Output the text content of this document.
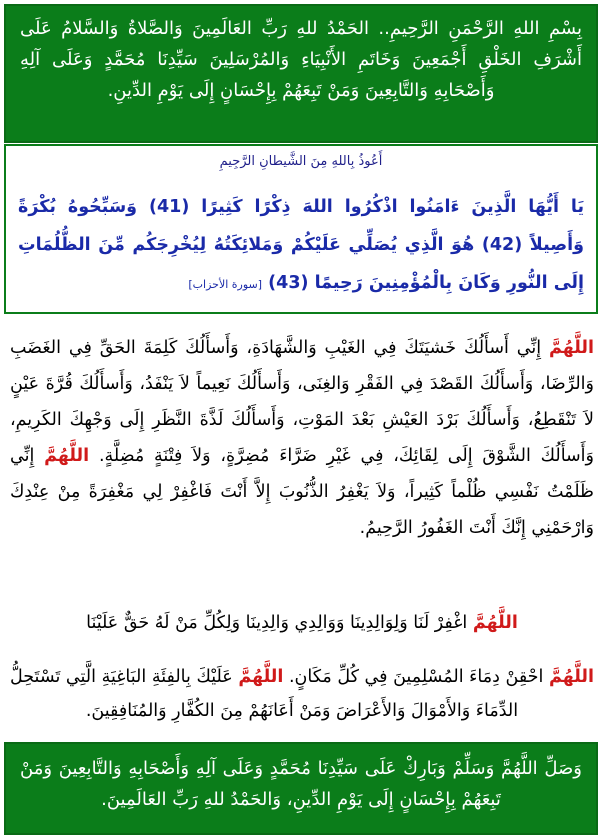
بِسْمِ اللهِ الرَّحْمَنِ الرَّحِيمِ.. الحَمْدُ للهِ رَبِّ العَالَمِينَ وَالصَّلاةُ وَالسَّلامُ عَلَى أَشْرَفِ الخَلْقِ أَجْمَعِينَ وَخَاتَمِ الأَنْبِيَاءِ وَالمُرْسَلِينَ سَيِّدِنَا مُحَمَّدٍ وَعَلَى آلِهِ وَأَصْحَابِهِ وَالتَّابِعِينَ وَمَنْ تَبِعَهُمْ بِإِحْسَانٍ إِلَى يَوْمِ الدِّينِ.
أَعُوذُ بِاللهِ مِنَ الشَّيطانِ الرَّجِيمِ
يَا أَيُّهَا الَّذِينَ ءَامَنُوا اذْكُرُوا اللهَ ذِكْرًا كَثِيرًا (41) وَسَبِّحُوهُ بُكْرَةً وَأَصِيلاً (42) هُوَ الَّذِي يُصَلِّي عَلَيْكُمْ وَمَلائِكَتُهُ لِيُخْرِجَكُم مِّنَ الظُّلُمَاتِ إِلَى النُّورِ وَكَانَ بِالْمُؤْمِنِينَ رَحِيمًا (43) [سورة الأحزاب]
اللَّهُمَّ إِنِّي أَسأَلُكَ خَشيَتَكَ فِي الغَيْبِ وَالشَّهَادَةِ، وَأَسأَلُكَ كَلِمَةَ الحَقِّ فِي الغَضَبِ وَالرِّضَا، وَأَسأَلُكَ القَصْدَ فِي الفَقْرِ وَالغِنَى، وَأَسأَلُكَ نَعِيماً لاَ يَنْفَدُ، وَأَسأَلُكَ قُرَّةَ عَيْنٍ لاَ تَنْقَطِعُ، وَأَسأَلُكَ بَرْدَ العَيْشِ بَعْدَ المَوْتِ، وَأَسأَلُكَ لَذَّةَ النَّظَرِ إِلَى وَجْهِكَ الكَرِيمِ، وَأَسأَلُكَ الشَّوْقَ إِلَى لِقَائِكَ، فِي غَيْرِ ضَرَّاءَ مُضِرَّةٍ، وَلاَ فِتْنَةٍ مُضِلَّةٍ. اللَّهُمَّ إِنِّي ظَلَمْتُ نَفْسِي ظُلْماً كَثِيراً، وَلاَ يَغْفِرُ الذُّنُوبَ إِلاَّ أَنْتَ فَاغْفِرْ لِي مَغْفِرَةً مِنْ عِنْدِكَ وَارْحَمْنِي إِنَّكَ أَنْتَ الغَفُورُ الرَّحِيمُ.
اللَّهُمَّ اغْفِرْ لَنَا وَلِوَالِدِينَا وَوَالِدِي وَالِدِينَا وَلِكُلِّ مَنْ لَهُ حَقٌّ عَلَيْنَا
اللَّهُمَّ احْقِنْ دِمَاءَ المُسْلِمِينَ فِي كُلِّ مَكَانٍ. اللَّهُمَّ عَلَيْكَ بِالفِئَةِ البَاغِيَةِ الَّتِي تَسْتَحِلُّ الدِّمَاءَ وَالأَمْوَالَ وَالأَعْرَاضَ وَمَنْ أَعَانَهُمْ مِنَ الكُفَّارِ وَالمُنَافِقِينَ.
وَصَلِّ اللَّهُمَّ وَسَلِّمْ وَبَارِكْ عَلَى سَيِّدِنَا مُحَمَّدٍ وَعَلَى آلِهِ وَأَصْحَابِهِ وَالتَّابِعِينَ وَمَنْ تَبِعَهُمْ بِإِحْسَانٍ إِلَى يَوْمِ الدِّينِ، وَالحَمْدُ للهِ رَبِّ العَالَمِينَ.
